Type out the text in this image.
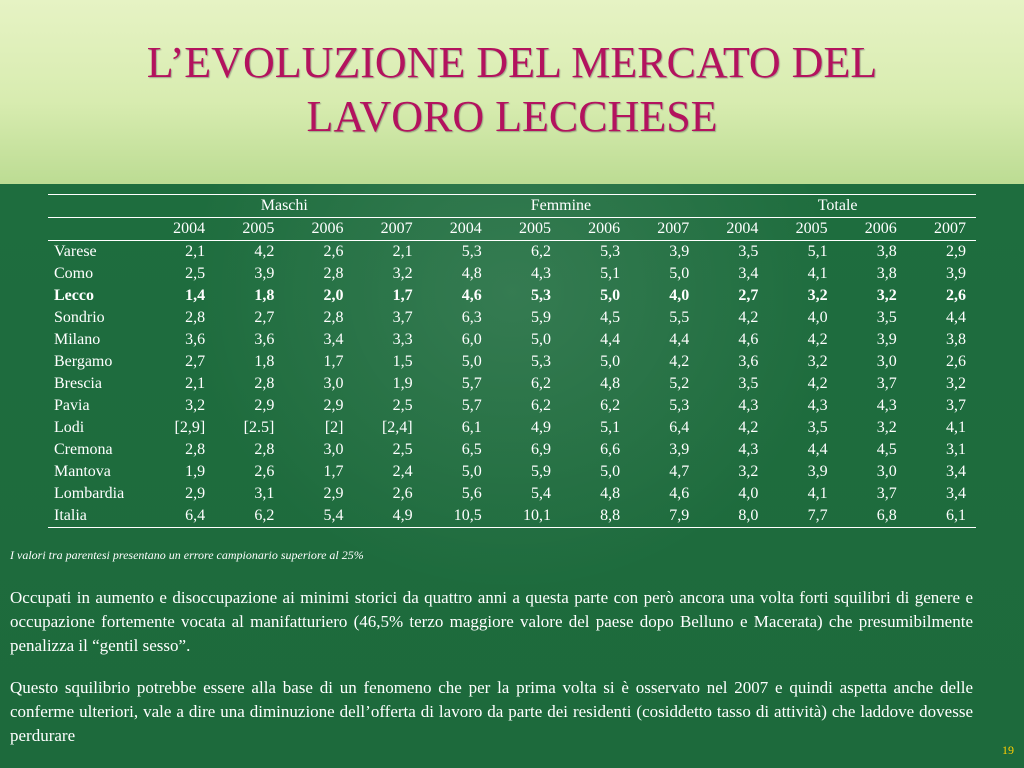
L’EVOLUZIONE DEL MERCATO DEL
LAVORO LECCHESE
	Maschi				Femmine				Totale			
	2004	2005	2006	2007	2004	2005	2006	2007	2004	2005	2006	2007
Varese	2,1	4,2	2,6	2,1	5,3	6,2	5,3	3,9	3,5	5,1	3,8	2,9
Como	2,5	3,9	2,8	3,2	4,8	4,3	5,1	5,0	3,4	4,1	3,8	3,9
Lecco	1,4	1,8	2,0	1,7	4,6	5,3	5,0	4,0	2,7	3,2	3,2	2,6
Sondrio	2,8	2,7	2,8	3,7	6,3	5,9	4,5	5,5	4,2	4,0	3,5	4,4
Milano	3,6	3,6	3,4	3,3	6,0	5,0	4,4	4,4	4,6	4,2	3,9	3,8
Bergamo	2,7	1,8	1,7	1,5	5,0	5,3	5,0	4,2	3,6	3,2	3,0	2,6
Brescia	2,1	2,8	3,0	1,9	5,7	6,2	4,8	5,2	3,5	4,2	3,7	3,2
Pavia	3,2	2,9	2,9	2,5	5,7	6,2	6,2	5,3	4,3	4,3	4,3	3,7
Lodi	[2,9]	[2.5]	[2]	[2,4]	6,1	4,9	5,1	6,4	4,2	3,5	3,2	4,1
Cremona	2,8	2,8	3,0	2,5	6,5	6,9	6,6	3,9	4,3	4,4	4,5	3,1
Mantova	1,9	2,6	1,7	2,4	5,0	5,9	5,0	4,7	3,2	3,9	3,0	3,4
Lombardia	2,9	3,1	2,9	2,6	5,6	5,4	4,8	4,6	4,0	4,1	3,7	3,4
Italia	6,4	6,2	5,4	4,9	10,5	10,1	8,8	7,9	8,0	7,7	6,8	6,1
I valori tra parentesi presentano un errore campionario superiore al 25%

Occupati in aumento e disoccupazione ai minimi storici da quattro anni a questa parte con però ancora una volta forti squilibri di genere e occupazione fortemente vocata al manifatturiero (46,5% terzo maggiore valore del paese dopo Belluno e Macerata) che presumibilmente penalizza il “gentil sesso”.

Questo squilibrio potrebbe essere alla base di un fenomeno che per la prima volta si è osservato nel 2007 e quindi aspetta anche delle conferme ulteriori, vale a dire una diminuzione dell’offerta di lavoro da parte dei residenti (cosiddetto tasso di attività) che laddove dovesse perdurare

19
